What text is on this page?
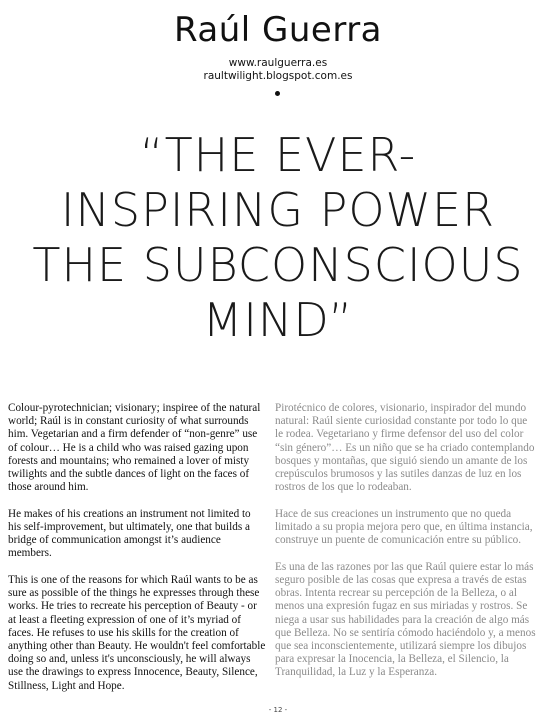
Raúl Guerra
www.raulguerra.es
raultwilight.blogspot.com.es
“THE EVER-
INSPIRING POWER
THE SUBCONSCIOUS
MIND”

Colour-pyrotechnician; visionary; inspiree of the natural world; Raúl is in constant curiosity of what surrounds him. Vegetarian and a firm defender of “non-genre” use of colour… He is a child who was raised gazing upon forests and mountains; who remained a lover of misty twilights and the subtle dances of light on the faces of those around him.

He makes of his creations an instrument not limited to his self-improvement, but ultimately, one that builds a bridge of communication amongst it’s audience members.

This is one of the reasons for which Raúl wants to be as sure as possible of the things he expresses through these works. He tries to recreate his perception of Beauty - or at least a fleeting expression of one of it’s myriad of faces. He refuses to use his skills for the creation of anything other than Beauty. He wouldn't feel comfortable doing so and, unless it's unconsciously, he will always use the drawings to express Innocence, Beauty, Silence, Stillness, Light and Hope.

Pirotécnico de colores, visionario, inspirador del mundo natural: Raúl siente curiosidad constante por todo lo que le rodea. Vegetariano y firme defensor del uso del color “sin género”… Es un niño que se ha criado contemplando bosques y montañas, que siguió siendo un amante de los crepúsculos brumosos y las sutiles danzas de luz en los rostros de los que lo rodeaban.

Hace de sus creaciones un instrumento que no queda limitado a su propia mejora pero que, en última instancia, construye un puente de comunicación entre su público.

Es una de las razones por las que Raúl quiere estar lo más seguro posible de las cosas que expresa a través de estas obras. Intenta recrear su percepción de la Belleza, o al menos una expresión fugaz en sus miriadas y rostros. Se niega a usar sus habilidades para la creación de algo más que Belleza. No se sentiría cómodo haciéndolo y, a menos que sea inconscientemente, utilizará siempre los dibujos para expresar la Inocencia, la Belleza, el Silencio, la Tranquilidad, la Luz y la Esperanza.

- 12 -
